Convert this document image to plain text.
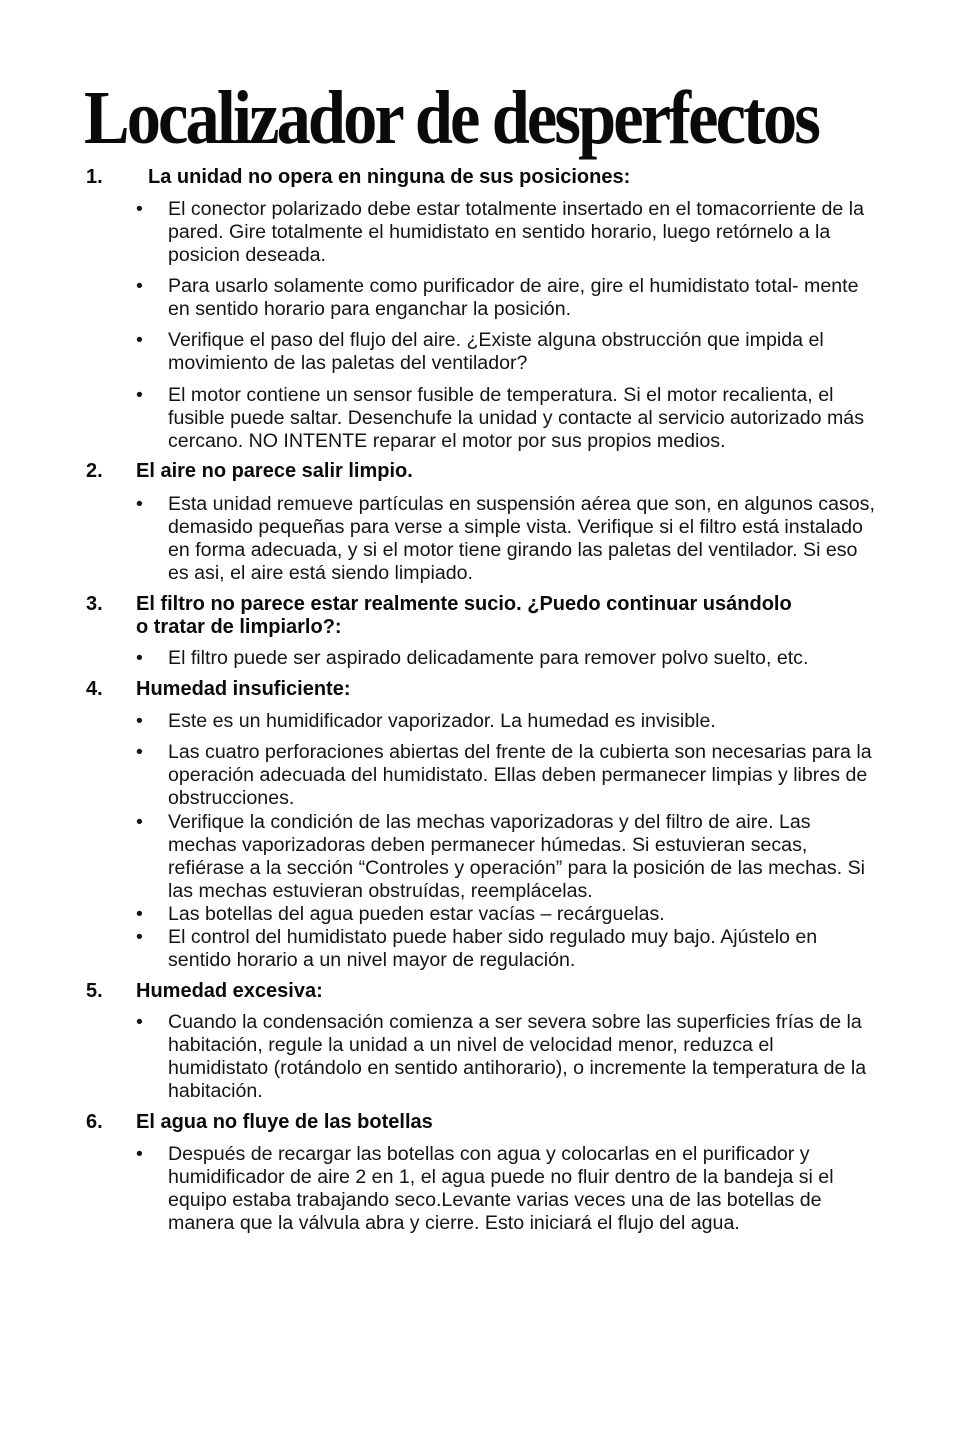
Localizador de desperfectos
1. La unidad no opera en ninguna de sus posiciones:
•	El conector polarizado debe estar totalmente insertado en el tomacorriente de la pared. Gire totalmente el humidistato en sentido horario, luego retórnelo a la posicion deseada.
•	Para usarlo solamente como purificador de aire, gire el humidistato total- mente en sentido horario para enganchar la posición.
•	Verifique el paso del flujo del aire. ¿Existe alguna obstrucción que impida el movimiento de las paletas del ventilador?
•	El motor contiene un sensor fusible de temperatura. Si el motor recalienta, el fusible puede saltar. Desenchufe la unidad y contacte al servicio autorizado más cercano. NO INTENTE reparar el motor por sus propios medios.
2. El aire no parece salir limpio.
•	Esta unidad remueve partículas en suspensión aérea que son, en algunos casos, demasido pequeñas para verse a simple vista. Verifique si el filtro está instalado en forma adecuada, y si el motor tiene girando las paletas del ventilador. Si eso es asi, el aire está siendo limpiado.
3. El filtro no parece estar realmente sucio. ¿Puedo continuar usándolo o tratar de limpiarlo?:
•	El filtro puede ser aspirado delicadamente para remover polvo suelto, etc.
4. Humedad insuficiente:
•	Este es un humidificador vaporizador. La humedad es invisible.
•	Las cuatro perforaciones abiertas del frente de la cubierta son necesarias para la operación adecuada del humidistato. Ellas deben permanecer limpias y libres de obstrucciones.
•	Verifique la condición de las mechas vaporizadoras y del filtro de aire. Las mechas vaporizadoras deben permanecer húmedas. Si estuvieran secas, refiérase a la sección “Controles y operación” para la posición de las mechas. Si las mechas estuvieran obstruídas, reemplácelas.
•	Las botellas del agua pueden estar vacías – recárguelas.
•	El control del humidistato puede haber sido regulado muy bajo. Ajústelo en sentido horario a un nivel mayor de regulación.
5. Humedad excesiva:
•	Cuando la condensación comienza a ser severa sobre las superficies frías de la habitación, regule la unidad a un nivel de velocidad menor, reduzca el humidistato (rotándolo en sentido antihorario), o incremente la temperatura de la habitación.
6. El agua no fluye de las botellas
•	Después de recargar las botellas con agua y colocarlas en el purificador y humidificador de aire 2 en 1, el agua puede no fluir dentro de la bandeja si el equipo estaba trabajando seco.Levante varias veces una de las botellas de manera que la válvula abra y cierre. Esto iniciará el flujo del agua.
